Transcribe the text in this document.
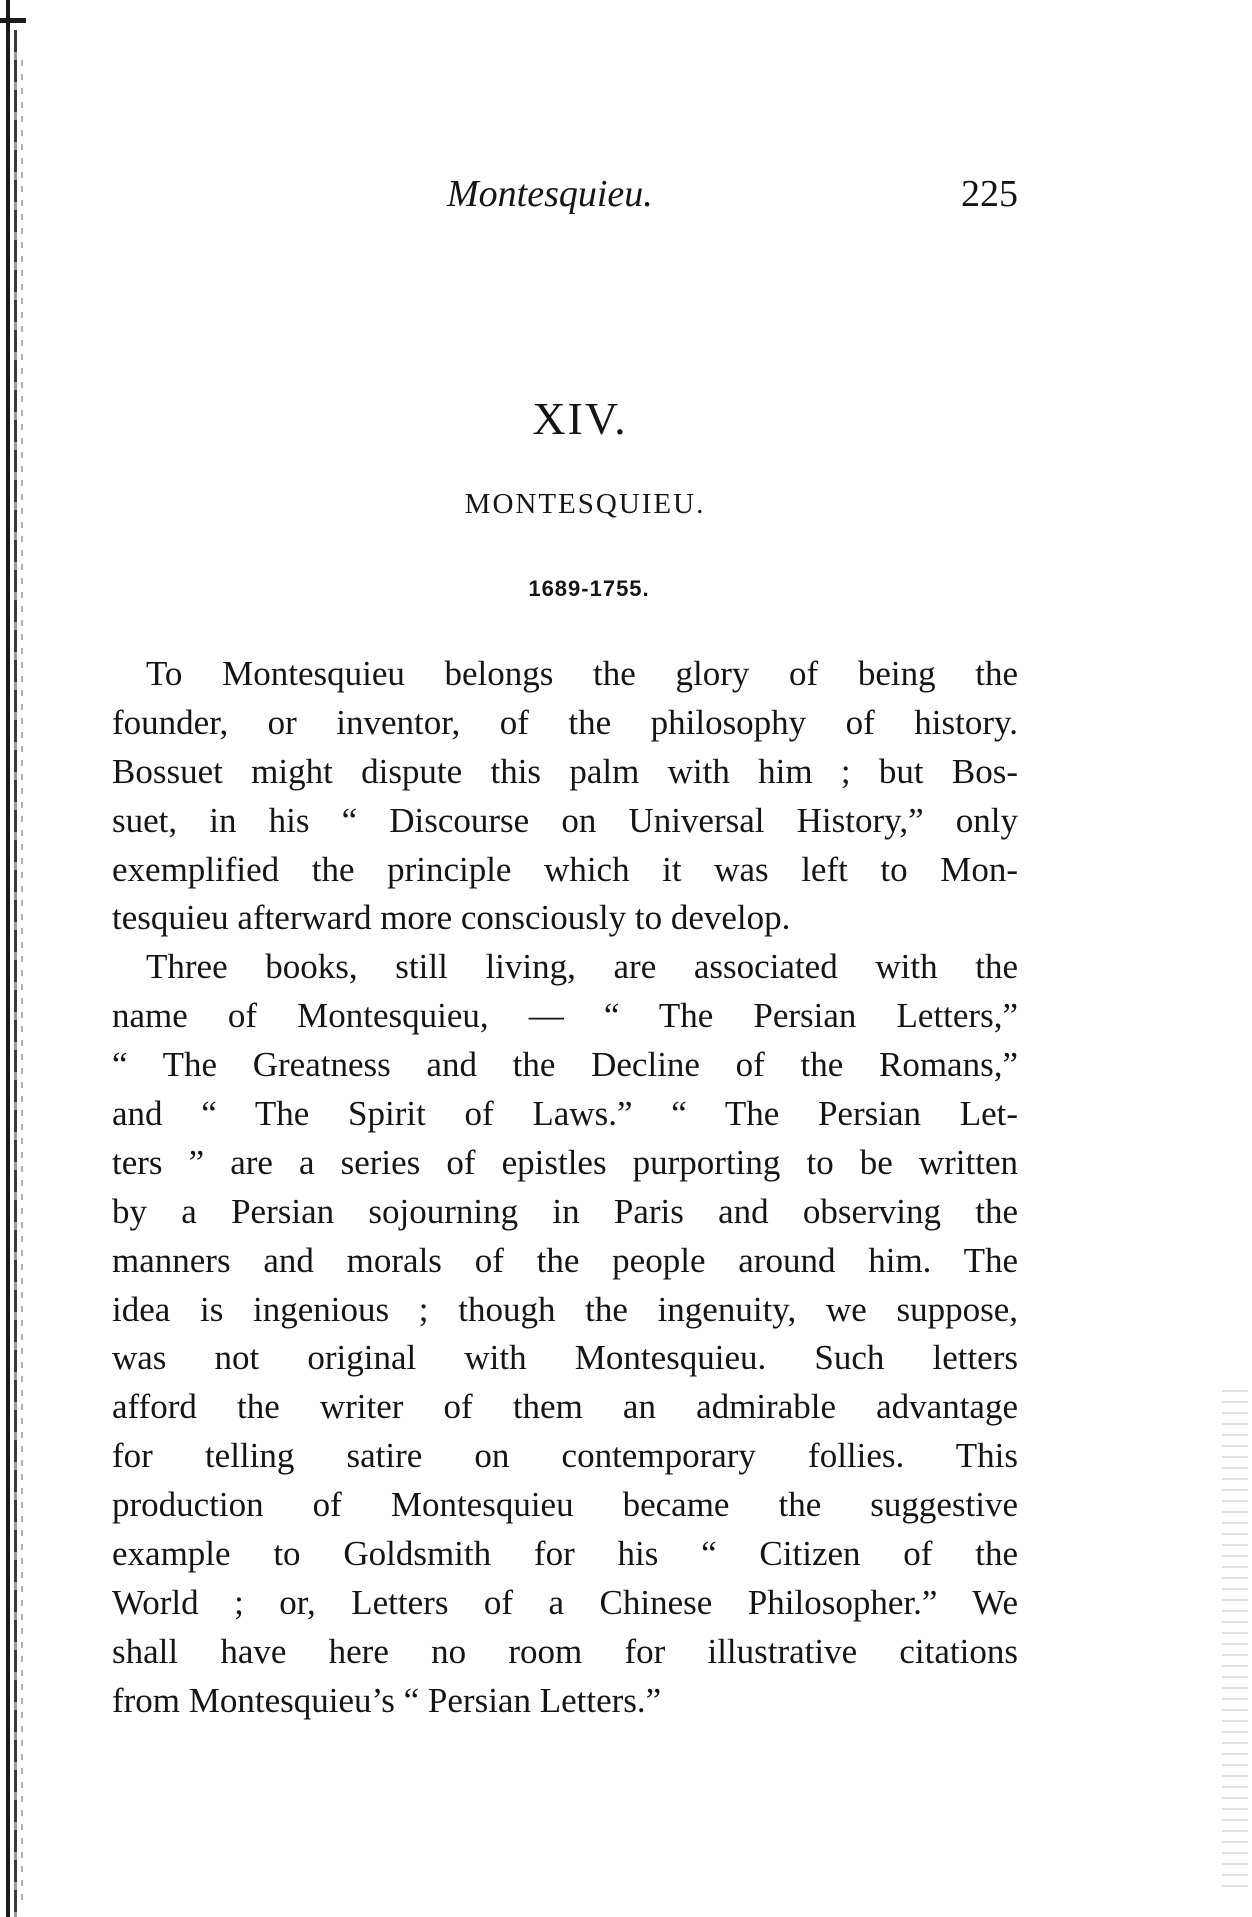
Montesquieu.	225
XIV.
MONTESQUIEU.
1689-1755.
To Montesquieu belongs the glory of being the
founder, or inventor, of the philosophy of history.
Bossuet might dispute this palm with him ; but Bos-
suet, in his “ Discourse on Universal History,” only
exemplified the principle which it was left to Mon-
tesquieu afterward more consciously to develop.
Three books, still living, are associated with the
name of Montesquieu, — “ The Persian Letters,”
“ The Greatness and the Decline of the Romans,”
and “ The Spirit of Laws.” “ The Persian Let-
ters ” are a series of epistles purporting to be written
by a Persian sojourning in Paris and observing the
manners and morals of the people around him. The
idea is ingenious ; though the ingenuity, we suppose,
was not original with Montesquieu. Such letters
afford the writer of them an admirable advantage
for telling satire on contemporary follies. This
production of Montesquieu became the suggestive
example to Goldsmith for his “ Citizen of the
World ; or, Letters of a Chinese Philosopher.” We
shall have here no room for illustrative citations
from Montesquieu’s “ Persian Letters.”
